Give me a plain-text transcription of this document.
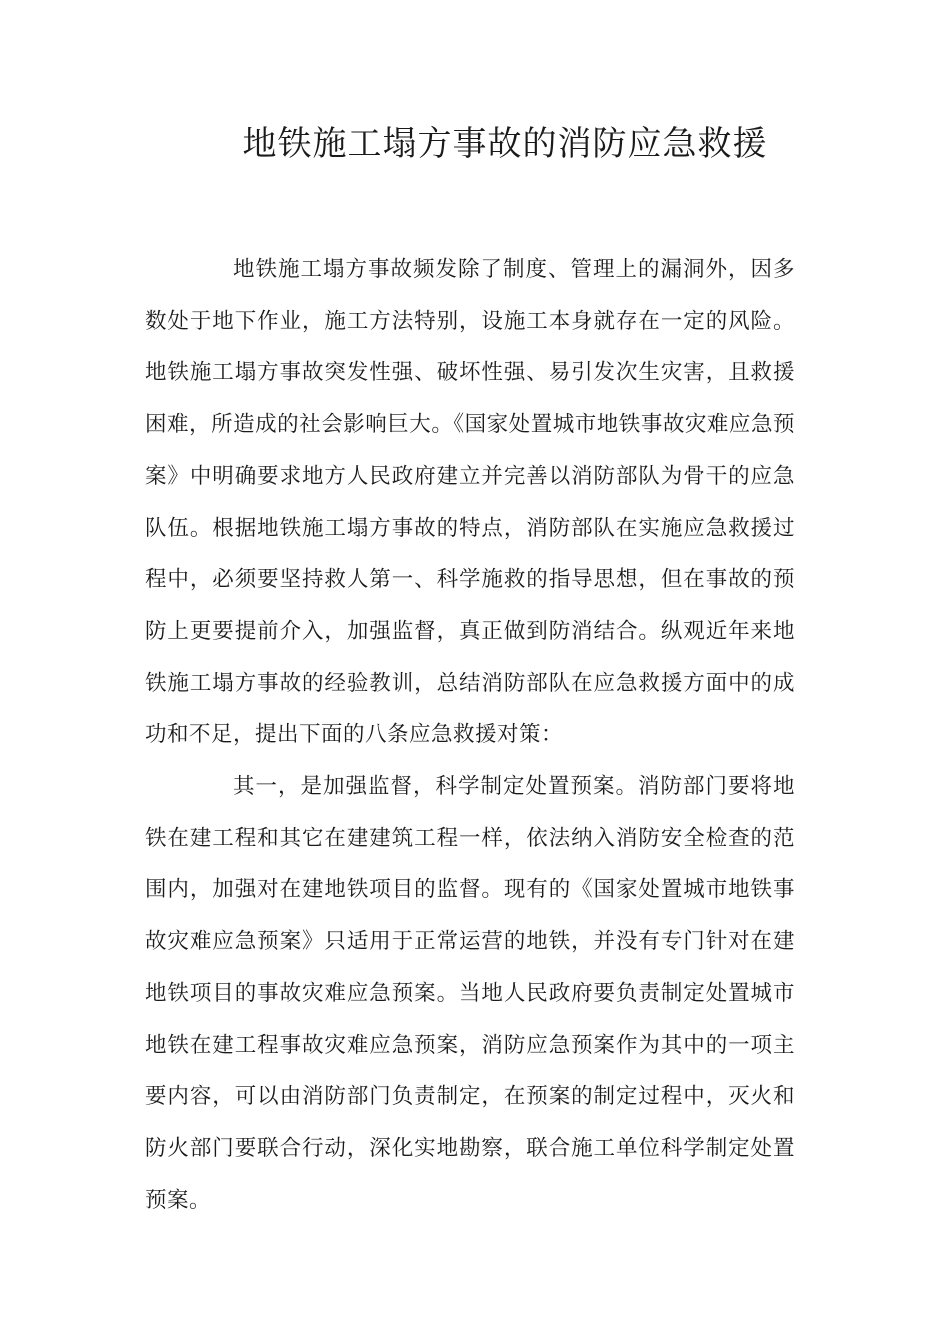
地铁施工塌方事故的消防应急救援
地铁施工塌方事故频发除了制度、管理上的漏洞外，因多数处于地下作业，施工方法特别，设施工本身就存在一定的风险。地铁施工塌方事故突发性强、破坏性强、易引发次生灾害，且救援困难，所造成的社会影响巨大。《国家处置城市地铁事故灾难应急预案》中明确要求地方人民政府建立并完善以消防部队为骨干的应急队伍。根据地铁施工塌方事故的特点，消防部队在实施应急救援过程中，必须要坚持救人第一、科学施救的指导思想，但在事故的预防上更要提前介入，加强监督，真正做到防消结合。纵观近年来地铁施工塌方事故的经验教训，总结消防部队在应急救援方面中的成功和不足，提出下面的八条应急救援对策：
其一，是加强监督，科学制定处置预案。消防部门要将地铁在建工程和其它在建建筑工程一样，依法纳入消防安全检查的范围内，加强对在建地铁项目的监督。现有的《国家处置城市地铁事故灾难应急预案》只适用于正常运营的地铁，并没有专门针对在建地铁项目的事故灾难应急预案。当地人民政府要负责制定处置城市地铁在建工程事故灾难应急预案，消防应急预案作为其中的一项主要内容，可以由消防部门负责制定，在预案的制定过程中，灭火和防火部门要联合行动，深化实地勘察，联合施工单位科学制定处置预案。
